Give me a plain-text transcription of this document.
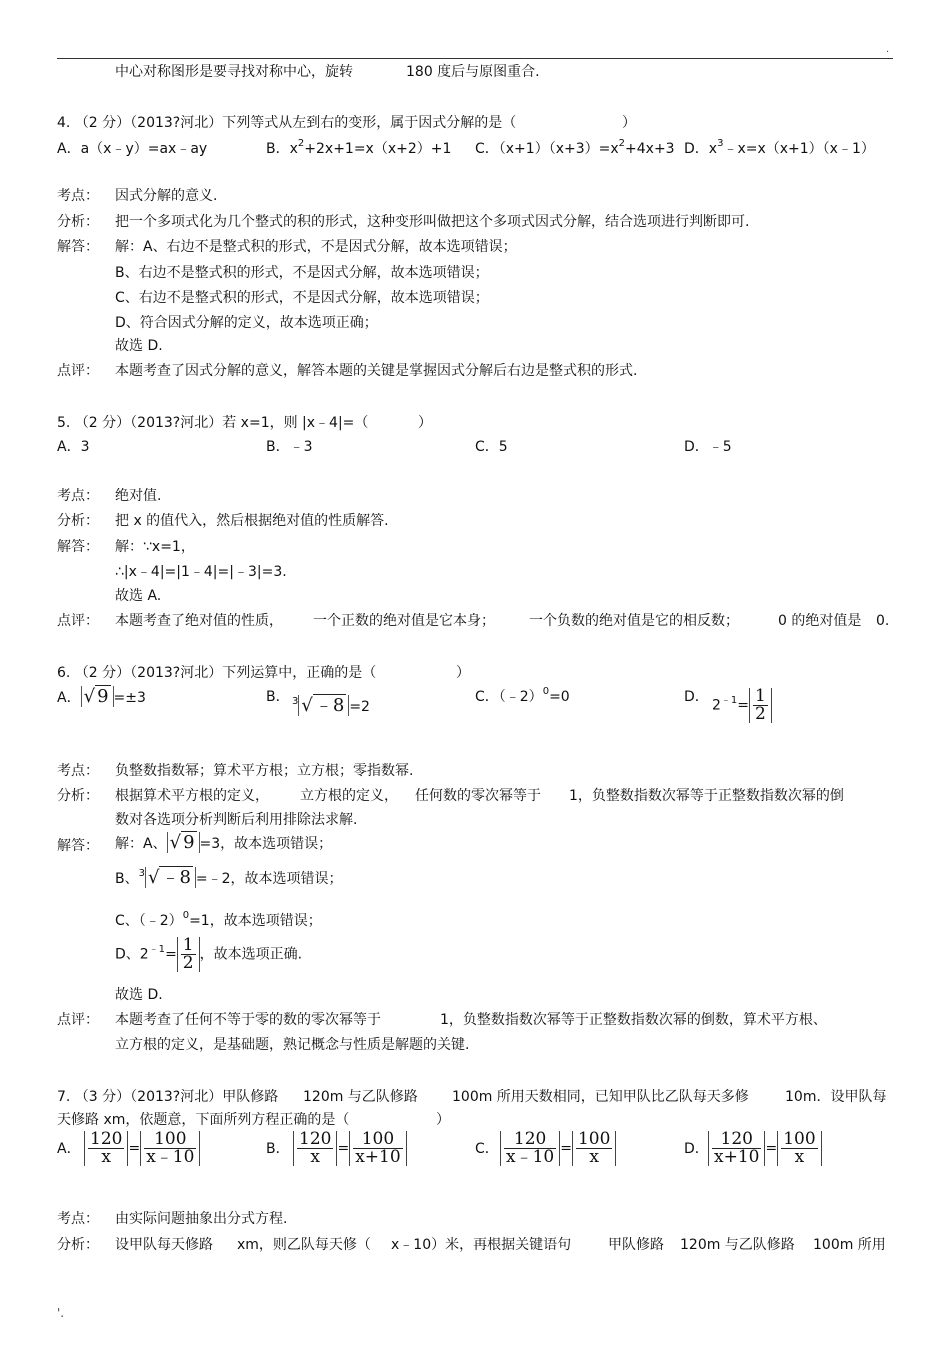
.
中心对称图形是要寻找对称中心，旋转	180 度后与原图重合.
4. （2 分）（2013?河北）下列等式从左到右的变形，属于因式分解的是（	）
A．a（x﹣y）=ax﹣ay	B．$x^2+2x+1=x(x+2)+1$ C．$(x+1)(x+3)=x^2+4x+3$ D．$x^3﹣x=x(x+1)(x﹣1)$
考点： 因式分解的意义.
分析： 把一个多项式化为几个整式的积的形式，这种变形叫做把这个多项式因式分解，结合选项进行判断即可.
解答： 解：A、右边不是整式积的形式，不是因式分解，故本选项错误；
B、右边不是整式积的形式，不是因式分解，故本选项错误；
C、右边不是整式积的形式，不是因式分解，故本选项错误；
D、符合因式分解的定义，故本选项正确；
故选 D.
点评： 本题考查了因式分解的意义，解答本题的关键是掌握因式分解后右边是整式积的形式.
5. （2 分）（2013?河北）若 x=1，则 |x﹣4|=（	）
A．3	B．﹣3	C．5	D．﹣5
考点： 绝对值.
分析： 把 x 的值代入，然后根据绝对值的性质解答.
解答： 解：∵x=1，
∴|x﹣4|=|1﹣4|=|﹣3|=3.
故选 A.
点评： 本题考查了绝对值的性质， 一个正数的绝对值是它本身； 一个负数的绝对值是它的相反数；	0 的绝对值是 0.
6. （2 分）（2013?河北）下列运算中，正确的是（	）
A． √ 9 =±3	B． $^3$ √ ﹣8 =2
C．（﹣2）$^0$=0	D．
$2^{﹣1}= \frac{1}{2}$
考点： 负整数指数幂；算术平方根；立方根；零指数幂.
分析： 根据算术平方根的定义， 立方根的定义， 任何数的零次幂等于 1，负整数指数次幂等于正整数指数次幂的倒
数对各选项分析判断后利用排除法求解.
解答： 解：A、 √ 9 =3，故本选项错误；
B、$^3$ √ ﹣8 =﹣2，故本选项错误；
C、（﹣2）$^0$=1，故本选项错误；
D、$2^{﹣1}= \frac{1}{2}$ ，故本选项正确.
故选 D.
点评： 本题考查了任何不等于零的数的零次幂等于	1，负整数指数次幂等于正整数指数次幂的倒数，算术平方根、
立方根的定义，是基础题，熟记概念与性质是解题的关键.
7. （3 分）（2013?河北）甲队修路 120m 与乙队修路 100m 所用天数相同，已知甲队比乙队每天多修	10m．设甲队每
天修路 xm，依题意，下面所列方程正确的是（	）
A． $\frac{120}{x} = \frac{100}{x﹣10}$	B． $\frac{120}{x} = \frac{100}{x+10}$	C． $\frac{120}{x﹣10} = \frac{100}{x}$	D． $\frac{120}{x+10} = \frac{100}{x}$
考点： 由实际问题抽象出分式方程.
分析： 设甲队每天修路 xm，则乙队每天修（ x﹣10）米，再根据关键语句	甲队修路 120m 与乙队修路 100m 所用
'.
